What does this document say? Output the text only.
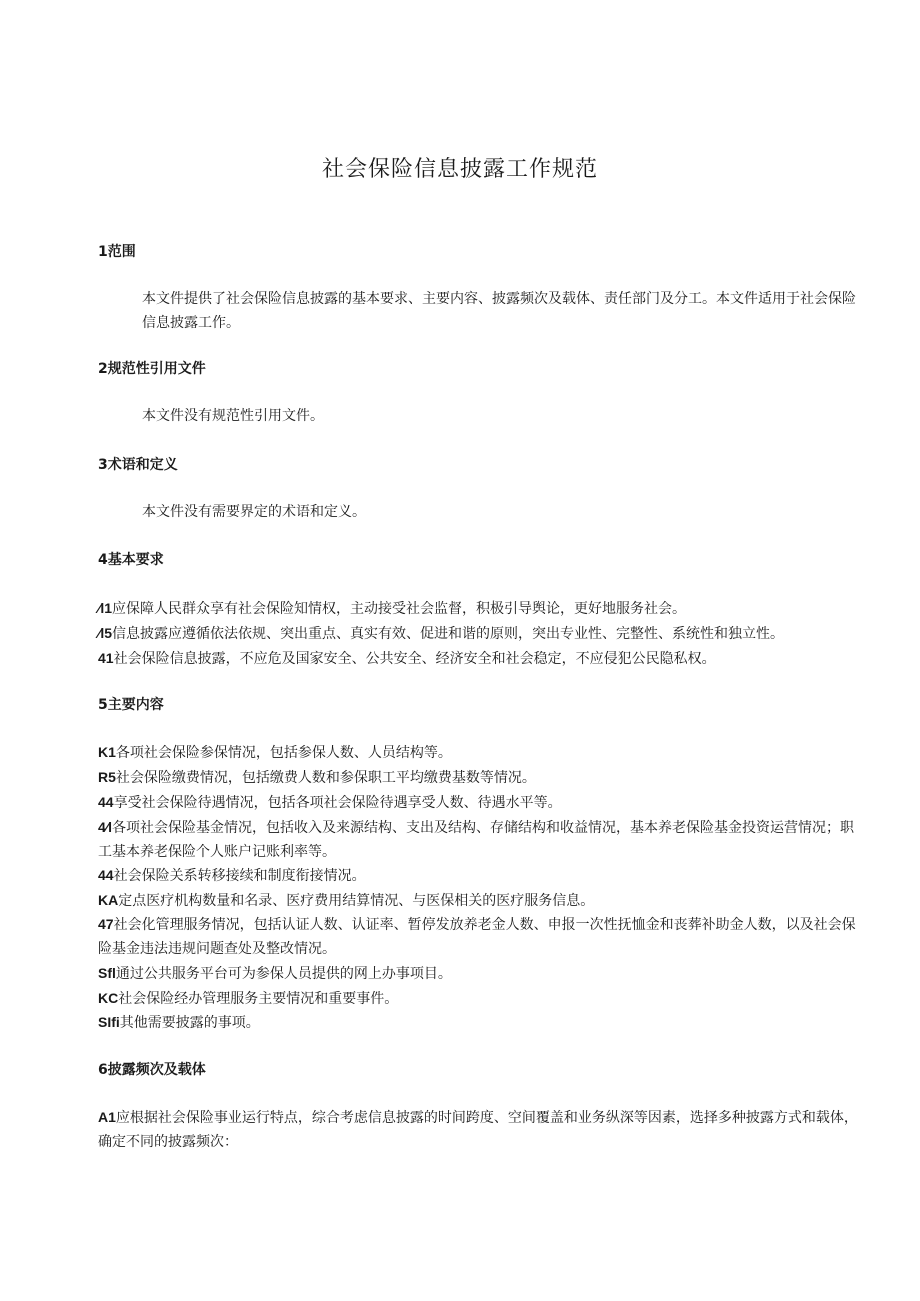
社会保险信息披露工作规范
1范围

本文件提供了社会保险信息披露的基本要求、主要内容、披露频次及载体、责任部门及分工。本文件适用于社会保险信息披露工作。

2规范性引用文件

本文件没有规范性引用文件。

3术语和定义

本文件没有需要界定的术语和定义。

4基本要求

⁄l1应保障人民群众享有社会保险知情权，主动接受社会监督，积极引导舆论，更好地服务社会。

⁄l5信息披露应遵循依法依规、突出重点、真实有效、促进和谐的原则，突出专业性、完整性、系统性和独立性。

41社会保险信息披露，不应危及国家安全、公共安全、经济安全和社会稳定，不应侵犯公民隐私权。

5主要内容

K1各项社会保险参保情况，包括参保人数、人员结构等。

R5社会保险缴费情况，包括缴费人数和参保职工平均缴费基数等情况。

44享受社会保险待遇情况，包括各项社会保险待遇享受人数、待遇水平等。

4⁄l各项社会保险基金情况，包括收入及来源结构、支出及结构、存储结构和收益情况，基本养老保险基金投资运营情况；职工基本养老保险个人账户记账利率等。

44社会保险关系转移接续和制度衔接情况。

KA定点医疗机构数量和名录、医疗费用结算情况、与医保相关的医疗服务信息。

47社会化管理服务情况，包括认证人数、认证率、暂停发放养老金人数、申报一次性抚恤金和丧葬补助金人数，以及社会保险基金违法违规问题查处及整改情况。

Sfl通过公共服务平台可为参保人员提供的网上办事项目。

KC社会保险经办管理服务主要情况和重要事件。

SIfi其他需要披露的事项。

6披露频次及载体

A1应根据社会保险事业运行特点，综合考虑信息披露的时间跨度、空间覆盖和业务纵深等因素，选择多种披露方式和载体，确定不同的披露频次：
